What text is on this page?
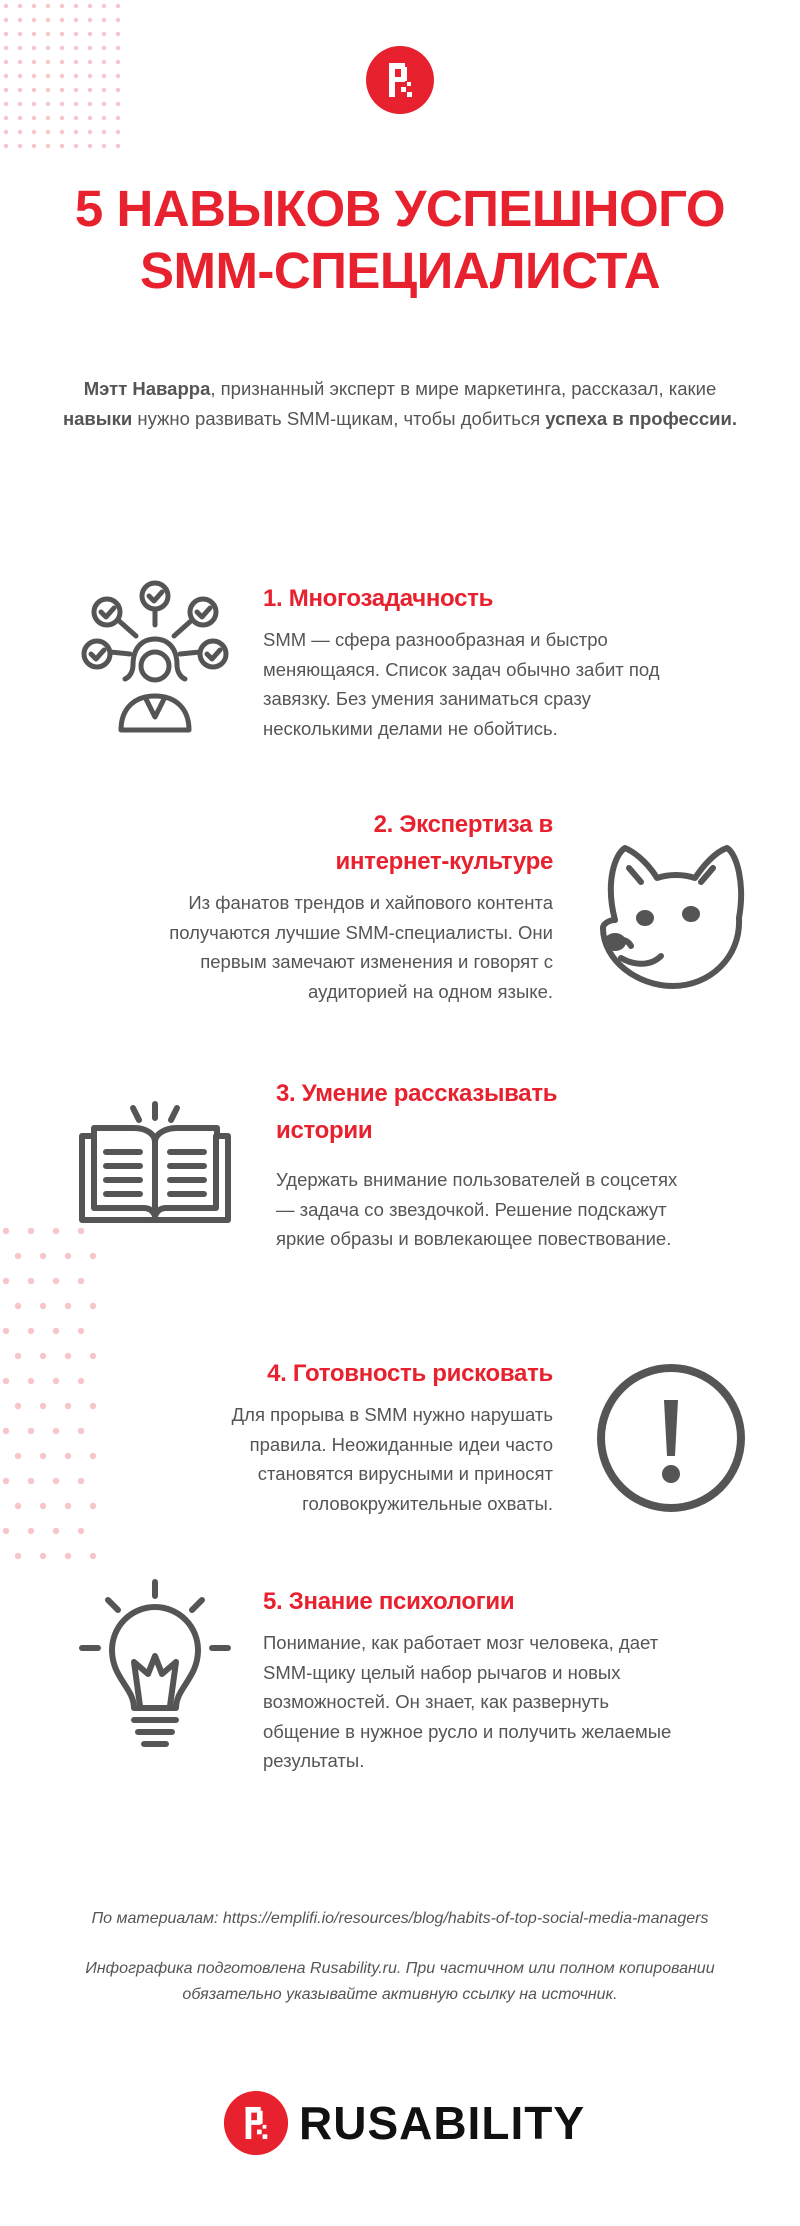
5 НАВЫКОВ УСПЕШНОГО
SMM-СПЕЦИАЛИСТА
Мэтт Наварра, признанный эксперт в мире маркетинга, рассказал, какие
навыки нужно развивать SMM-щикам, чтобы добиться успеха в профессии.
1. Многозадачность
SMM — сфера разнообразная и быстро меняющаяся. Список задач обычно забит под завязку. Без умения заниматься сразу несколькими делами не обойтись.
2. Экспертиза в интернет-культуре
Из фанатов трендов и хайпового контента получаются лучшие SMM-специалисты. Они первым замечают изменения и говорят с аудиторией на одном языке.
3. Умение рассказывать истории
Удержать внимание пользователей в соцсетях — задача со звездочкой. Решение подскажут яркие образы и вовлекающее повествование.
4. Готовность рисковать
Для прорыва в SMM нужно нарушать правила. Неожиданные идеи часто становятся вирусными и приносят головокружительные охваты.
5. Знание психологии
Понимание, как работает мозг человека, дает SMM-щику целый набор рычагов и новых возможностей. Он знает, как развернуть общение в нужное русло и получить желаемые результаты.
По материалам: https://emplifi.io/resources/blog/habits-of-top-social-media-managers
Инфографика подготовлена Rusability.ru. При частичном или полном копировании
обязательно указывайте активную ссылку на источник.
RUSABILITY
